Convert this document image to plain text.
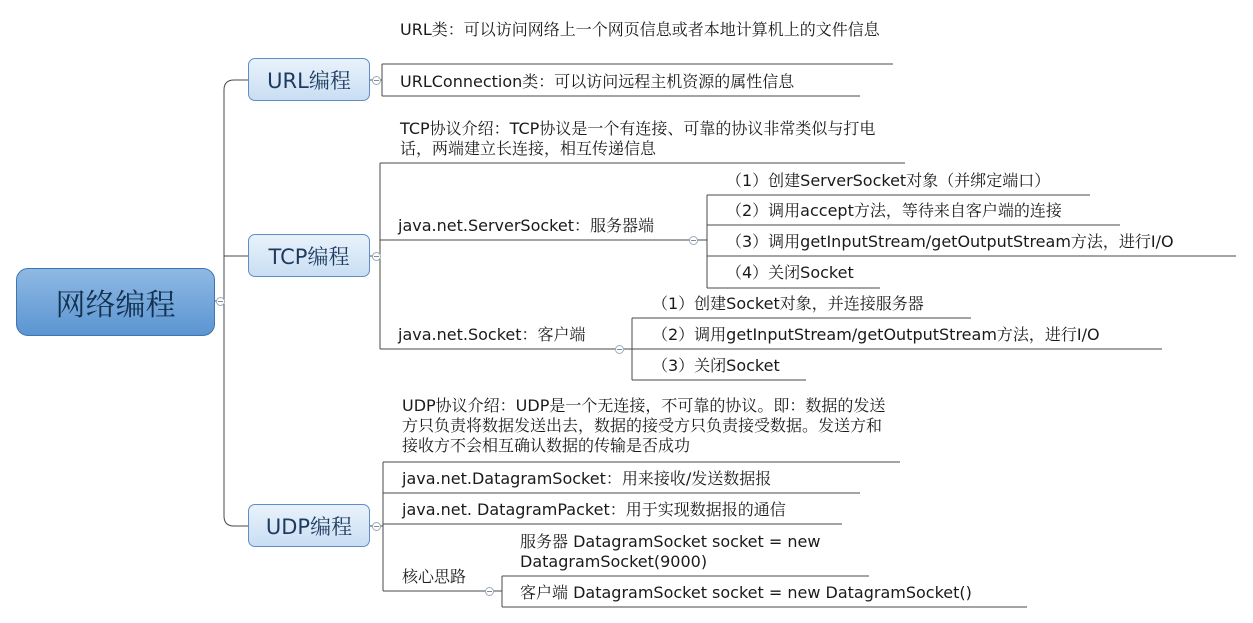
网络编程
URL编程
URL类：可以访问网络上一个网页信息或者本地计算机上的文件信息
URLConnection类：可以访问远程主机资源的属性信息
TCP编程
TCP协议介绍：TCP协议是一个有连接、可靠的协议非常类似与打电话，两端建立长连接，相互传递信息
java.net.ServerSocket：服务器端
（1）创建ServerSocket对象（并绑定端口）
（2）调用accept方法，等待来自客户端的连接
（3）调用getInputStream/getOutputStream方法，进行I/O
（4）关闭Socket
java.net.Socket：客户端
（1）创建Socket对象，并连接服务器
（2）调用getInputStream/getOutputStream方法，进行I/O
（3）关闭Socket
UDP编程
UDP协议介绍：UDP是一个无连接，不可靠的协议。即：数据的发送方只负责将数据发送出去，数据的接受方只负责接受数据。发送方和接收方不会相互确认数据的传输是否成功
java.net.DatagramSocket：用来接收/发送数据报
java.net. DatagramPacket：用于实现数据报的通信
核心思路
服务器 DatagramSocket socket = new DatagramSocket(9000)
客户端 DatagramSocket socket = new DatagramSocket()
